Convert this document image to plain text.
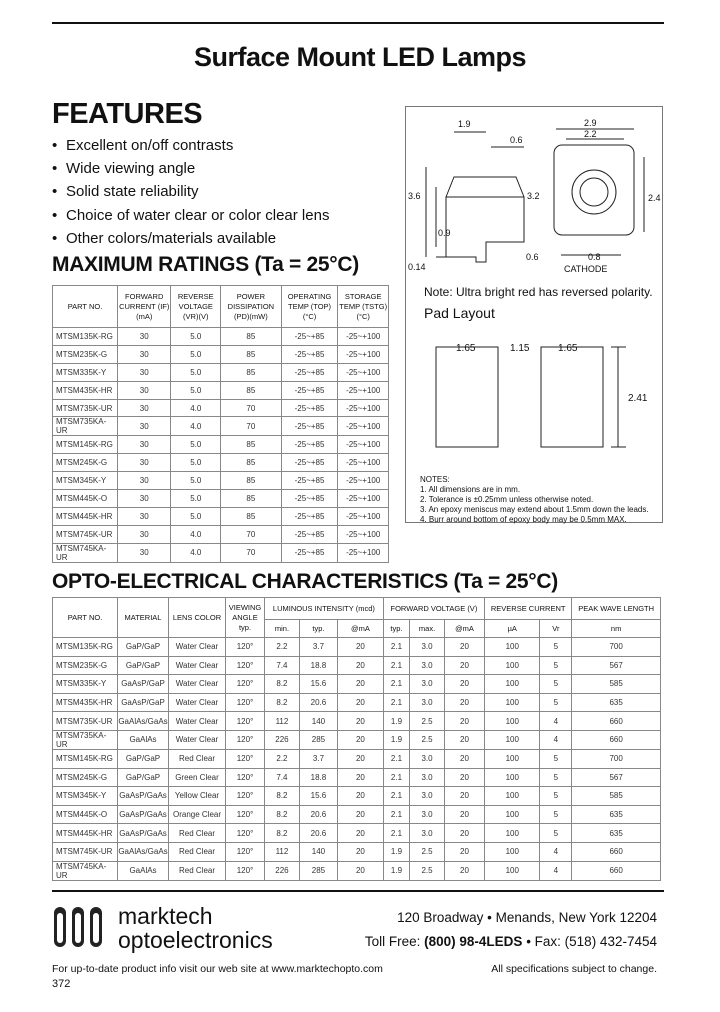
Surface Mount LED Lamps
FEATURES
• Excellent on/off contrasts
• Wide viewing angle
• Solid state reliability
• Choice of water clear or color clear lens
• Other colors/materials available
MAXIMUM RATINGS (Ta = 25°C)
PART NO.	FORWARD CURRENT (IF) (mA)	REVERSE VOLTAGE (VR)(V)	POWER DISSIPATION (PD)(mW)	OPERATING TEMP (TOP) (°C)	STORAGE TEMP (TSTG) (°C)
MTSM135K-RG	30	5.0	85	-25~+85	-25~+100
MTSM235K-G	30	5.0	85	-25~+85	-25~+100
MTSM335K-Y	30	5.0	85	-25~+85	-25~+100
MTSM435K-HR	30	5.0	85	-25~+85	-25~+100
MTSM735K-UR	30	4.0	70	-25~+85	-25~+100
MTSM735KA-UR	30	4.0	70	-25~+85	-25~+100
MTSM145K-RG	30	5.0	85	-25~+85	-25~+100
MTSM245K-G	30	5.0	85	-25~+85	-25~+100
MTSM345K-Y	30	5.0	85	-25~+85	-25~+100
MTSM445K-O	30	5.0	85	-25~+85	-25~+100
MTSM445K-HR	30	5.0	85	-25~+85	-25~+100
MTSM745K-UR	30	4.0	70	-25~+85	-25~+100
MTSM745KA-UR	30	4.0	70	-25~+85	-25~+100
1.9
0.6
2.9
2.2
3.6	3.2	2.4
0.9
0.14
0.6	0.8
CATHODE
Note: Ultra bright red has reversed polarity.
Pad Layout
1.65	1.15	1.65
2.41
NOTES:
1. All dimensions are in mm.
2. Tolerance is ±0.25mm unless otherwise noted.
3. An epoxy meniscus may extend about 1.5mm down the leads.
4. Burr around bottom of epoxy body may be 0.5mm MAX.
OPTO-ELECTRICAL CHARACTERISTICS (Ta = 25°C)
PART NO.	MATERIAL	LENS COLOR	VIEWING ANGLE typ.	LUMINOUS INTENSITY (mcd)			FORWARD VOLTAGE (V)			REVERSE CURRENT		PEAK WAVE LENGTH
				min.	typ.	@mA	typ.	max.	@mA	µA	Vr	nm
MTSM135K-RG	GaP/GaP	Water Clear	120°	2.2	3.7	20	2.1	3.0	20	100	5	700
MTSM235K-G	GaP/GaP	Water Clear	120°	7.4	18.8	20	2.1	3.0	20	100	5	567
MTSM335K-Y	GaAsP/GaP	Water Clear	120°	8.2	15.6	20	2.1	3.0	20	100	5	585
MTSM435K-HR	GaAsP/GaP	Water Clear	120°	8.2	20.6	20	2.1	3.0	20	100	5	635
MTSM735K-UR	GaAlAs/GaAs	Water Clear	120°	112	140	20	1.9	2.5	20	100	4	660
MTSM735KA-UR	GaAlAs	Water Clear	120°	226	285	20	1.9	2.5	20	100	4	660
MTSM145K-RG	GaP/GaP	Red Clear	120°	2.2	3.7	20	2.1	3.0	20	100	5	700
MTSM245K-G	GaP/GaP	Green Clear	120°	7.4	18.8	20	2.1	3.0	20	100	5	567
MTSM345K-Y	GaAsP/GaAs	Yellow Clear	120°	8.2	15.6	20	2.1	3.0	20	100	5	585
MTSM445K-O	GaAsP/GaAs	Orange Clear	120°	8.2	20.6	20	2.1	3.0	20	100	5	635
MTSM445K-HR	GaAsP/GaAs	Red Clear	120°	8.2	20.6	20	2.1	3.0	20	100	5	635
MTSM745K-UR	GaAlAs/GaAs	Red Clear	120°	112	140	20	1.9	2.5	20	100	4	660
MTSM745KA-UR	GaAlAs	Red Clear	120°	226	285	20	1.9	2.5	20	100	4	660
marktech
optoelectronics
120 Broadway • Menands, New York 12204
Toll Free: (800) 98-4LEDS • Fax: (518) 432-7454
For up-to-date product info visit our web site at www.marktechopto.com	All specifications subject to change.
372
